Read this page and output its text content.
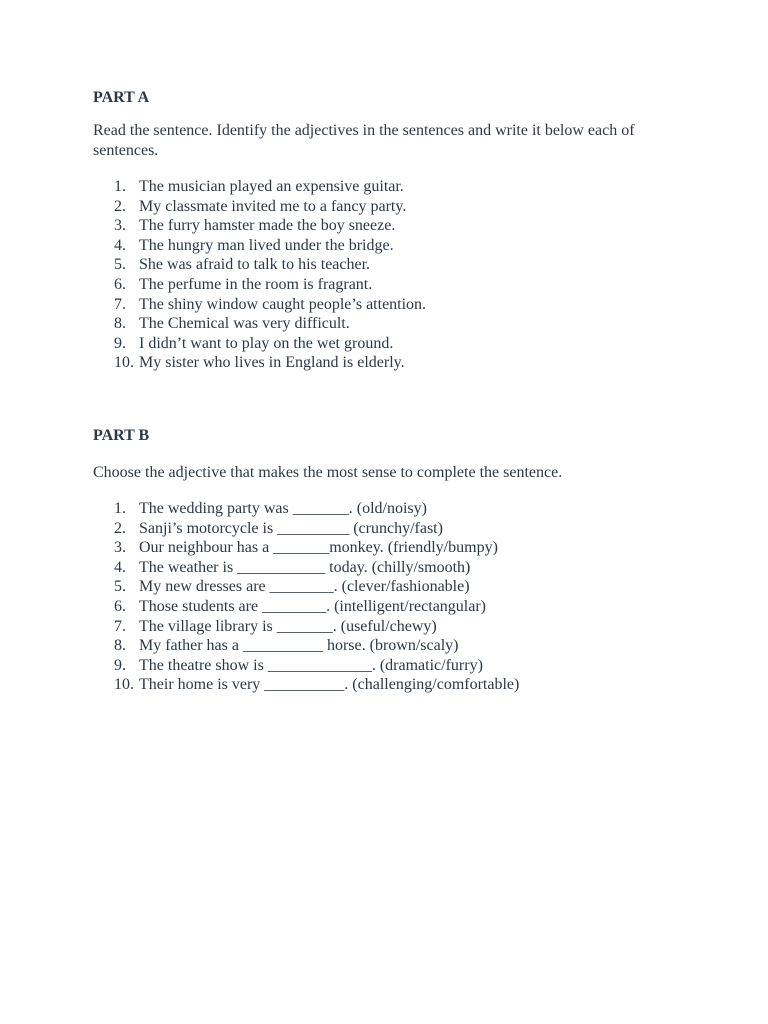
PART A

Read the sentence. Identify the adjectives in the sentences and write it below each of sentences.

1. The musician played an expensive guitar.
2. My classmate invited me to a fancy party.
3. The furry hamster made the boy sneeze.
4. The hungry man lived under the bridge.
5. She was afraid to talk to his teacher.
6. The perfume in the room is fragrant.
7. The shiny window caught people’s attention.
8. The Chemical was very difficult.
9. I didn’t want to play on the wet ground.
10. My sister who lives in England is elderly.

PART B

Choose the adjective that makes the most sense to complete the sentence.

1. The wedding party was _______. (old/noisy)
2. Sanji’s motorcycle is _________ (crunchy/fast)
3. Our neighbour has a _______monkey. (friendly/bumpy)
4. The weather is ___________ today. (chilly/smooth)
5. My new dresses are ________. (clever/fashionable)
6. Those students are ________. (intelligent/rectangular)
7. The village library is _______. (useful/chewy)
8. My father has a __________ horse. (brown/scaly)
9. The theatre show is _____________. (dramatic/furry)
10. Their home is very __________. (challenging/comfortable)
